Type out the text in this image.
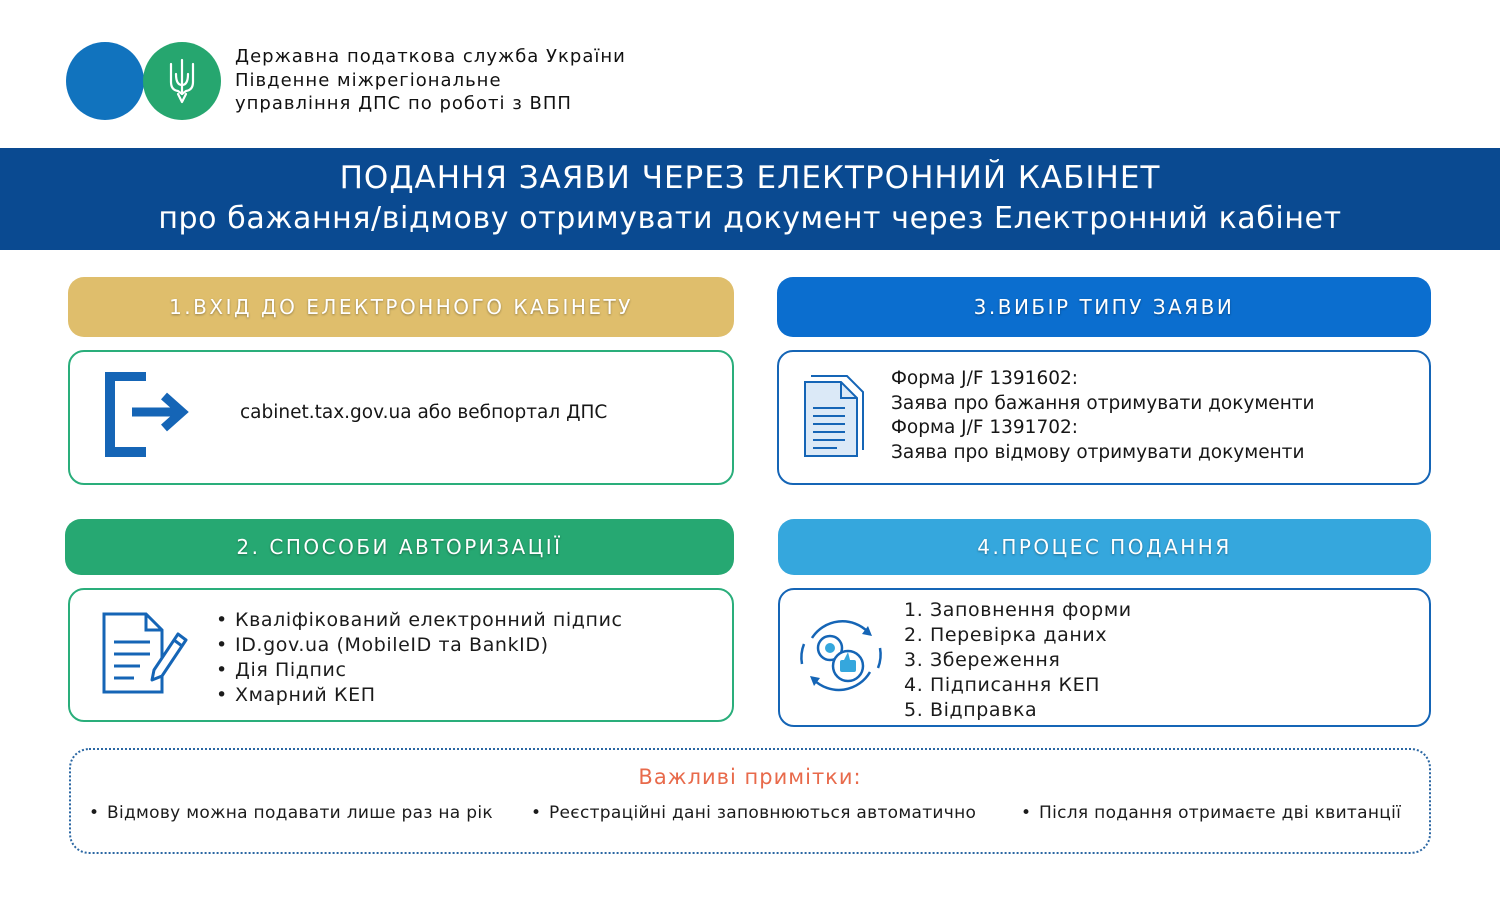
Державна податкова служба України
Південне міжрегіональне
управління ДПС по роботі з ВПП
ПОДАННЯ ЗАЯВИ ЧЕРЕЗ ЕЛЕКТРОННИЙ КАБІНЕТ
про бажання/відмову отримувати документ через Електронний кабінет
1.ВХІД ДО ЕЛЕКТРОННОГО КАБІНЕТУ	3.ВИБІР ТИПУ ЗАЯВИ
2. СПОСОБИ АВТОРИЗАЦІЇ	4.ПРОЦЕС ПОДАННЯ
cabinet.tax.gov.ua або вебпортал ДПС
Форма J/F 1391602:
Заява про бажання отримувати документи
Форма J/F 1391702:
Заява про відмову отримувати документи
• Кваліфікований електронний підпис
• ID.gov.ua (MobileID та BankID)
• Дія Підпис
• Хмарний КЕП
1. Заповнення форми
2. Перевірка даних
3. Збереження
4. Підписання КЕП
5. Відправка
Важливі примітки:
• Відмову можна подавати лише раз на рік	• Реєстраційні дані заповнюються автоматично	• Після подання отримаєте дві квитанції
